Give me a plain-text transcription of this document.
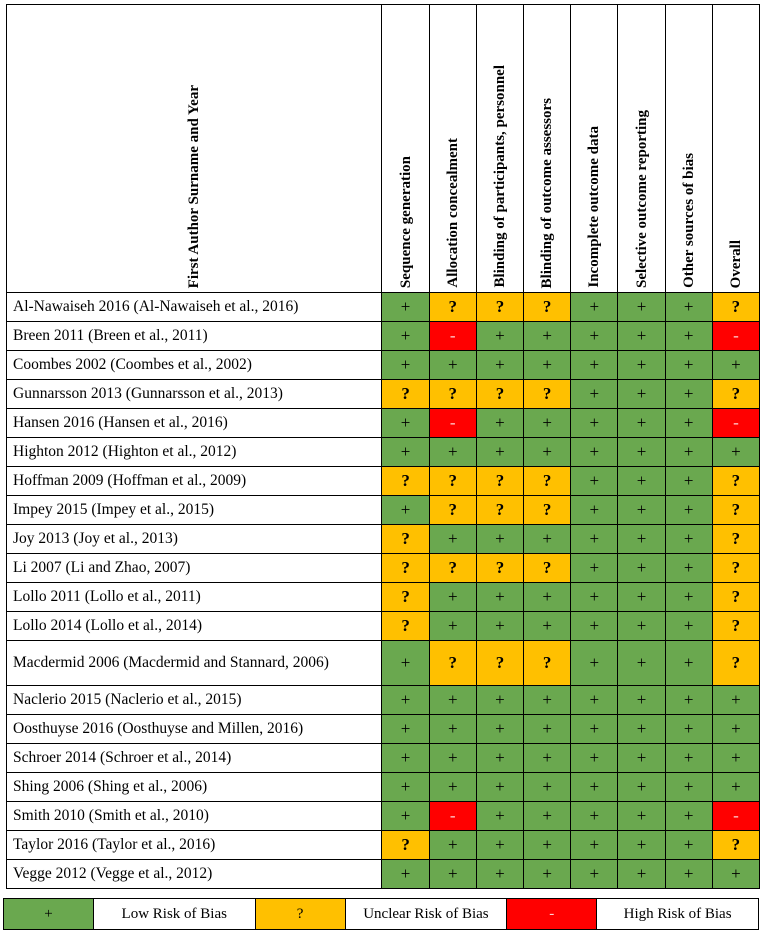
First Author Surname and Year	Sequence generation	Allocation concealment	Blinding of participants, personnel	Blinding of outcome assessors	Incomplete outcome data	Selective outcome reporting	Other sources of bias	Overall

Al-Nawaiseh 2016 (Al-Nawaiseh et al., 2016)	+	?	?	?	+	+	+	?
Breen 2011 (Breen et al., 2011)	+	-	+	+	+	+	+	-
Coombes 2002 (Coombes et al., 2002)	+	+	+	+	+	+	+	+
Gunnarsson 2013 (Gunnarsson et al., 2013)	?	?	?	?	+	+	+	?
Hansen 2016 (Hansen et al., 2016)	+	-	+	+	+	+	+	-
Highton 2012 (Highton et al., 2012)	+	+	+	+	+	+	+	+
Hoffman 2009 (Hoffman et al., 2009)	?	?	?	?	+	+	+	?
Impey 2015 (Impey et al., 2015)	+	?	?	?	+	+	+	?
Joy 2013 (Joy et al., 2013)	?	+	+	+	+	+	+	?
Li 2007 (Li and Zhao, 2007)	?	?	?	?	+	+	+	?
Lollo 2011 (Lollo et al., 2011)	?	+	+	+	+	+	+	?
Lollo 2014 (Lollo et al., 2014)	?	+	+	+	+	+	+	?
Macdermid 2006 (Macdermid and Stannard, 2006)	+	?	?	?	+	+	+	?
Naclerio 2015 (Naclerio et al., 2015)	+	+	+	+	+	+	+	+
Oosthuyse 2016 (Oosthuyse and Millen, 2016)	+	+	+	+	+	+	+	+
Schroer 2014 (Schroer et al., 2014)	+	+	+	+	+	+	+	+
Shing 2006 (Shing et al., 2006)	+	+	+	+	+	+	+	+
Smith 2010 (Smith et al., 2010)	+	-	+	+	+	+	+	-
Taylor 2016 (Taylor et al., 2016)	?	+	+	+	+	+	+	?
Vegge 2012 (Vegge et al., 2012)	+	+	+	+	+	+	+	+
+	Low Risk of Bias	?	Unclear Risk of Bias	-	High Risk of Bias
